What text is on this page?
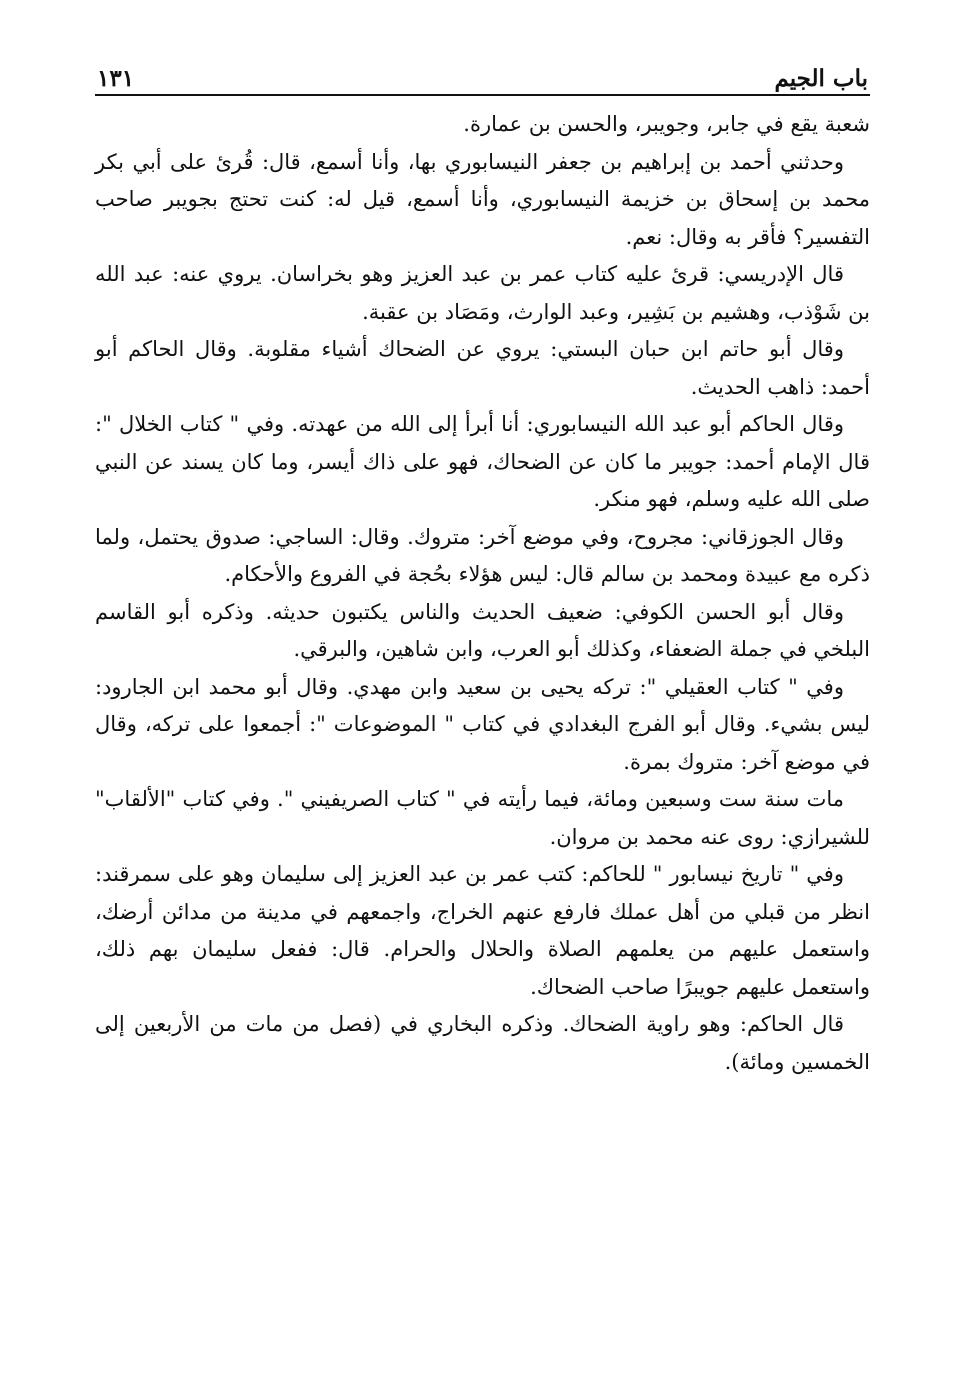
باب الجيم
١٣١

شعبة يقع في جابر، وجويبر، والحسن بن عمارة.

وحدثني أحمد بن إبراهيم بن جعفر النيسابوري بها، وأنا أسمع، قال: قُرئ على أبي بكر محمد بن إسحاق بن خزيمة النيسابوري، وأنا أسمع، قيل له: كنت تحتج بجويبر صاحب التفسير؟ فأقر به وقال: نعم.

قال الإدريسي: قرئ عليه كتاب عمر بن عبد العزيز وهو بخراسان. يروي عنه: عبد الله بن شَوْذب، وهشيم بن بَشِير، وعبد الوارث، ومَصَاد بن عقبة.

وقال أبو حاتم ابن حبان البستي: يروي عن الضحاك أشياء مقلوبة. وقال الحاكم أبو أحمد: ذاهب الحديث.

وقال الحاكم أبو عبد الله النيسابوري: أنا أبرأ إلى الله من عهدته. وفي " كتاب الخلال ": قال الإمام أحمد: جويبر ما كان عن الضحاك، فهو على ذاك أيسر، وما كان يسند عن النبي صلى الله عليه وسلم، فهو منكر.

وقال الجوزقاني: مجروح، وفي موضع آخر: متروك. وقال: الساجي: صدوق يحتمل، ولما ذكره مع عبيدة ومحمد بن سالم قال: ليس هؤلاء بحُجة في الفروع والأحكام.

وقال أبو الحسن الكوفي: ضعيف الحديث والناس يكتبون حديثه. وذكره أبو القاسم البلخي في جملة الضعفاء، وكذلك أبو العرب، وابن شاهين، والبرقي.

وفي " كتاب العقيلي ": تركه يحيى بن سعيد وابن مهدي. وقال أبو محمد ابن الجارود: ليس بشيء. وقال أبو الفرج البغدادي في كتاب " الموضوعات ": أجمعوا على تركه، وقال في موضع آخر: متروك بمرة.

مات سنة ست وسبعين ومائة، فيما رأيته في " كتاب الصريفيني ". وفي كتاب "الألقاب" للشيرازي: روى عنه محمد بن مروان.

وفي " تاريخ نيسابور " للحاكم: كتب عمر بن عبد العزيز إلى سليمان وهو على سمرقند: انظر من قبلي من أهل عملك فارفع عنهم الخراج، واجمعهم في مدينة من مدائن أرضك، واستعمل عليهم من يعلمهم الصلاة والحلال والحرام. قال: ففعل سليمان بهم ذلك، واستعمل عليهم جويبرًا صاحب الضحاك.

قال الحاكم: وهو راوية الضحاك. وذكره البخاري في (فصل من مات من الأربعين إلى الخمسين ومائة).
